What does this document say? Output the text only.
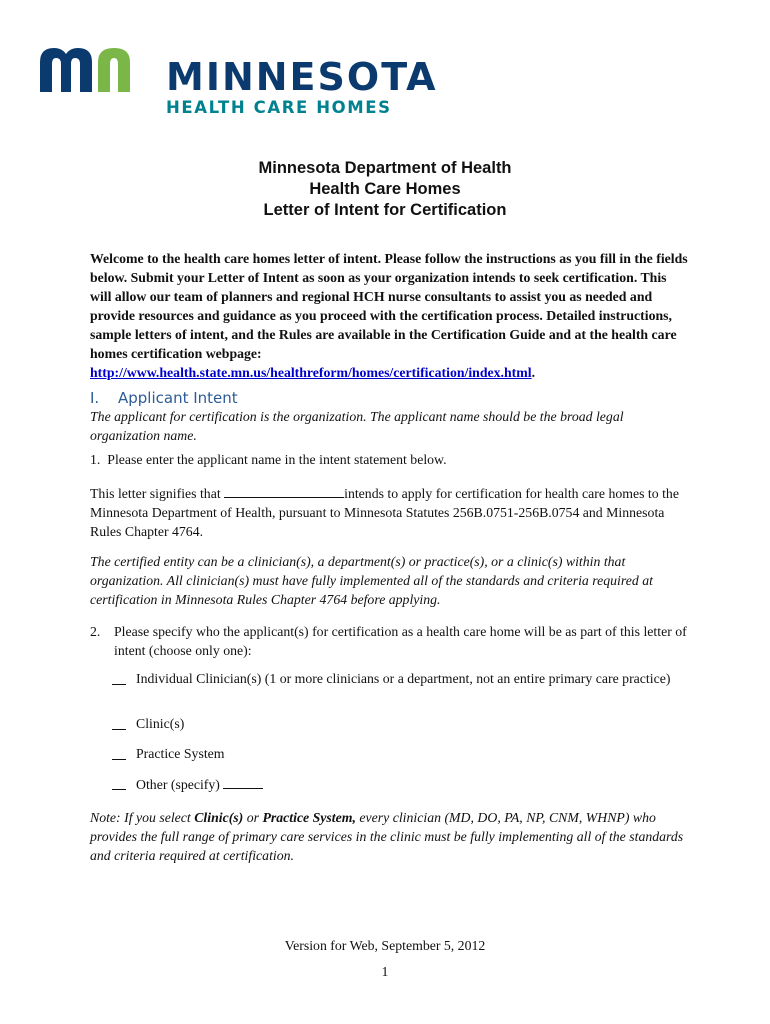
MINNESOTA
HEALTH CARE HOMES
Minnesota Department of Health
Health Care Homes
Letter of Intent for Certification
Welcome to the health care homes letter of intent. Please follow the instructions as you fill in the fields below. Submit your Letter of Intent as soon as your organization intends to seek certification. This will allow our team of planners and regional HCH nurse consultants to assist you as needed and provide resources and guidance as you proceed with the certification process. Detailed instructions, sample letters of intent, and the Rules are available in the Certification Guide and at the health care homes certification webpage: http://www.health.state.mn.us/healthreform/homes/certification/index.html.
I. Applicant Intent
The applicant for certification is the organization. The applicant name should be the broad legal organization name.
1. Please enter the applicant name in the intent statement below.
This letter signifies that	intends to apply for certification for health care homes to the Minnesota Department of Health, pursuant to Minnesota Statutes 256B.0751-256B.0754 and Minnesota Rules Chapter 4764.
The certified entity can be a clinician(s), a department(s) or practice(s), or a clinic(s) within that organization. All clinician(s) must have fully implemented all of the standards and criteria required at certification in Minnesota Rules Chapter 4764 before applying.
2. Please specify who the applicant(s) for certification as a health care home will be as part of this letter of intent (choose only one):
Individual Clinician(s) (1 or more clinicians or a department, not an entire primary care practice)
Clinic(s)
Practice System
Other (specify)
Note: If you select Clinic(s) or Practice System, every clinician (MD, DO, PA, NP, CNM, WHNP) who provides the full range of primary care services in the clinic must be fully implementing all of the standards and criteria required at certification.
Version for Web, September 5, 2012
1
